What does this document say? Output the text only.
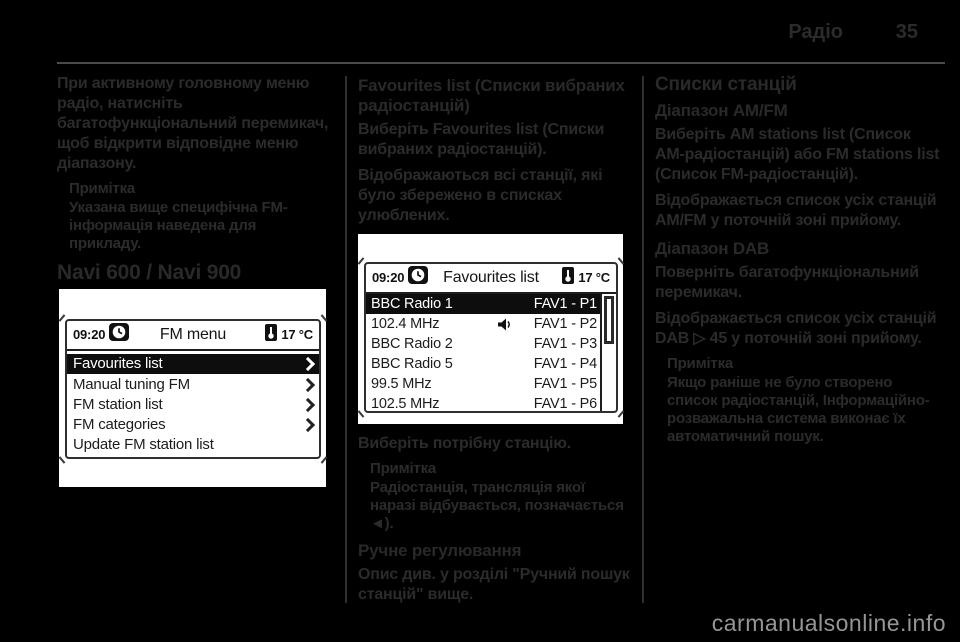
Радіо	35

При активному головному меню радіо, натисніть багатофункціональний перемикач, щоб відкрити відповідне меню діапазону.

Примітка
Указана вище специфічна FM-інформація наведена для прикладу.
Navi 600 / Navi 900
FM menu
09:20	17 °C
Favourites list
Manual tuning FM
FM station list
FM categories
Update FM station list
Favourites list (Списки вибраних радіостанцій)

Виберіть Favourites list (Списки вибраних радіостанцій).

Відображаються всі станції, які було збережено в списках улюблених.

Favourites list
09:20	17 °C
BBC Radio 1	FAV1 - P1
102.4 MHz	FAV1 - P2
BBC Radio 2	FAV1 - P3
BBC Radio 5	FAV1 - P4
99.5 MHz	FAV1 - P5
102.5 MHz	FAV1 - P6

Виберіть потрібну станцію.

Примітка
Радіостанція, трансляція якої наразі відбувається, позначається ◄).
Ручне регулювання

Опис див. у розділі "Ручний пошук станцій" вище.

Списки станцій
Діапазон AM/FM

Виберіть AM stations list (Список AM-радіостанцій) або FM stations list (Список FM-радіостанцій).

Відображається список усіх станцій AM/FM у поточній зоні прийому.

Діапазон DAB

Поверніть багатофункціональний перемикач.

Відображається список усіх станцій DAB ▷ 45 у поточній зоні прийому.

Примітка
Якщо раніше не було створено список радіостанцій, Інформаційно-розважальна система виконає їх автоматичний пошук.
carmanualsonline.info
